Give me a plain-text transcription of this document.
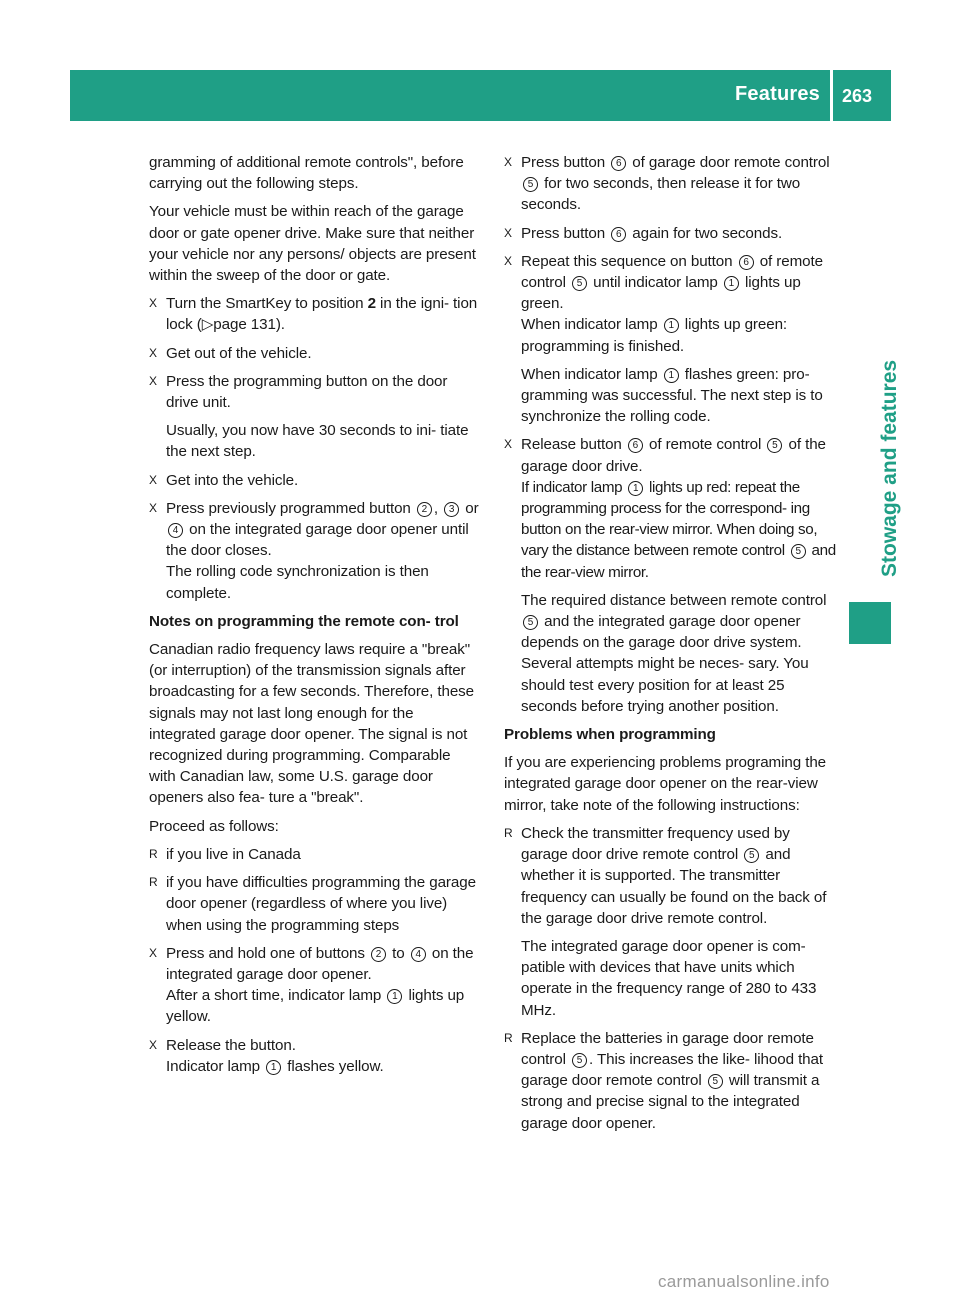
Features 263
Stowage and features

gramming of additional remote controls", before carrying out the following steps.

Your vehicle must be within reach of the garage door or gate opener drive. Make sure that neither your vehicle nor any persons/ objects are present within the sweep of the door or gate.

X Turn the SmartKey to position 2 in the igni- tion lock (▷page 131).
X Get out of the vehicle.
X Press the programming button on the door drive unit.
Usually, you now have 30 seconds to ini- tiate the next step.
X Get into the vehicle.
X Press previously programmed button 2 , 3 or 4 on the integrated garage door opener until the door closes.
The rolling code synchronization is then complete.

Notes on programming the remote con- trol

Canadian radio frequency laws require a "break" (or interruption) of the transmission signals after broadcasting for a few seconds. Therefore, these signals may not last long enough for the integrated garage door opener. The signal is not recognized during programming. Comparable with Canadian law, some U.S. garage door openers also fea- ture a "break".

Proceed as follows:

R if you live in Canada
R if you have difficulties programming the garage door opener (regardless of where you live) when using the programming steps
X Press and hold one of buttons 2 to 4 on the integrated garage door opener.
After a short time, indicator lamp 1 lights up yellow.
X Release the button.
Indicator lamp 1 flashes yellow.
X Press button 6 of garage door remote control 5 for two seconds, then release it for two seconds.
X Press button 6 again for two seconds.
X Repeat this sequence on button 6 of remote control 5 until indicator lamp 1 lights up green.
When indicator lamp 1 lights up green: programming is finished.
When indicator lamp 1 flashes green: pro- gramming was successful. The next step is to synchronize the rolling code.
X Release button 6 of remote control 5 of the garage door drive.
If indicator lamp 1 lights up red: repeat the programming process for the correspond- ing button on the rear-view mirror. When doing so, vary the distance between remote control 5 and the rear-view mirror.
The required distance between remote control 5 and the integrated garage door opener depends on the garage door drive system. Several attempts might be neces- sary. You should test every position for at least 25 seconds before trying another position.

Problems when programming

If you are experiencing problems programing the integrated garage door opener on the rear-view mirror, take note of the following instructions:

R Check the transmitter frequency used by garage door drive remote control 5 and whether it is supported. The transmitter frequency can usually be found on the back of the garage door drive remote control.
The integrated garage door opener is com- patible with devices that have units which operate in the frequency range of 280 to 433 MHz.
R Replace the batteries in garage door remote control 5 . This increases the like- lihood that garage door remote control 5 will transmit a strong and precise signal to the integrated garage door opener.
carmanualsonline.info
